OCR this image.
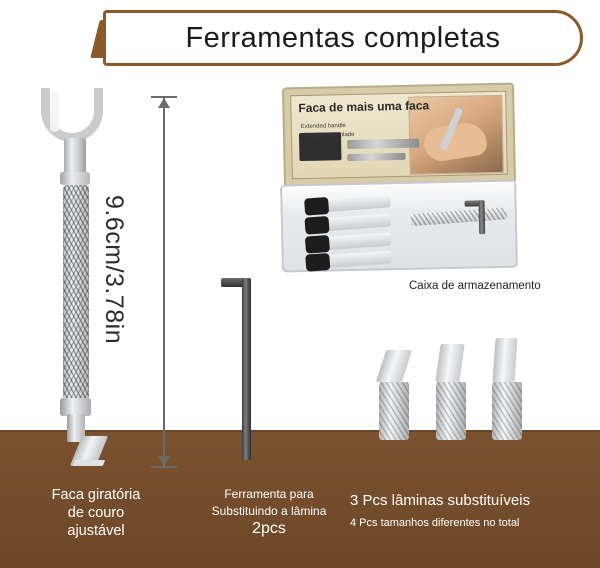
Ferramentas completas
9.6cm/3.78in
Faca de mais uma faca
Extended handle
• Replaceable blade
Caixa de armazenamento
Faca giratória
de couro
ajustável
Ferramenta para
Substituindo a lâmina
2pcs
3 Pcs lâminas substituíveis
4 Pcs tamanhos diferentes no total
